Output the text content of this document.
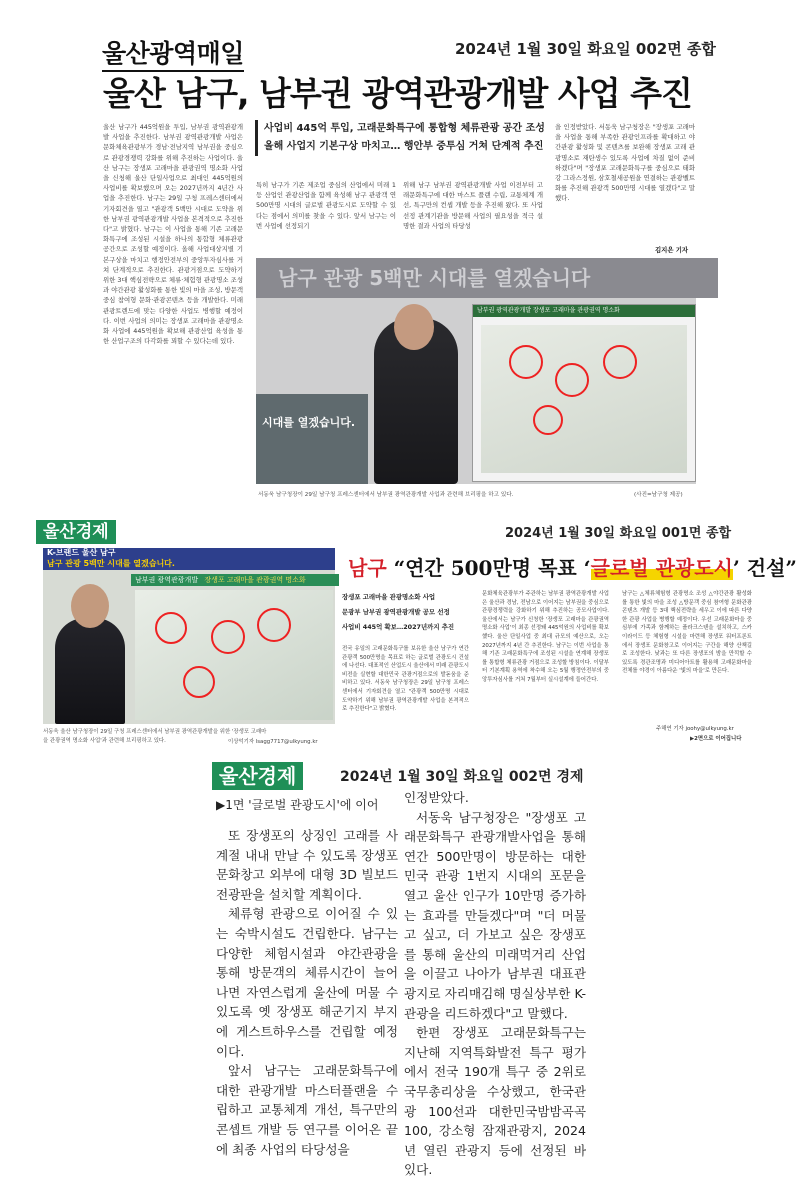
울산광역매일	2024년 1월 30일 화요일 002면 종합
울산 남구, 남부권 광역관광개발 사업 추진
울산 남구가 445억원을 투입, 남부권 광역관광개발 사업을 추진한다. 남부권 광역관광개발 사업은 문화체육관광부가 경남·전남지역 남부권을 중심으로 관광경쟁력 강화를 위해 추진하는 사업이다. 울산 남구는 장생포 고래마을 관광권역 명소화 사업을 신청해 울산 단일사업으로 최대인 445억원의 사업비를 확보했으며 오는 2027년까지 4년간 사업을 추진한다. 남구는 29일 구청 프레스센터에서 기자회견을 열고 "관광객 5백만 시대로 도약을 위한 남부권 광역관광개발 사업을 본격적으로 추진한다"고 밝혔다. 남구는 이 사업을 통해 기존 고래문화특구에 조성된 시설을 하나의 통합형 체류관광 공간으로 조성할 예정이다. 올해 사업대상지별 기본구상을 마치고 행정안전부의 중앙투자심사를 거쳐 단계적으로 추진한다. 관광거점으로 도약하기 위한 3대 핵심전략으로 체류·체험형 관광명소 조성과 야간관광 활성화를 통한 빛의 마을 조성, 방문객 중심 참여형 문화·관광콘텐츠 등을 개발한다. 미래 관광트렌드에 맞는 다양한 사업도 병행할 예정이다. 이번 사업의 의미는 장생포 고래마을 관광명소화 사업에 445억원을 확보해 관광산업 육성을 통한 산업구조의 다각화를 꾀할 수 있다는데 있다.
사업비 445억 투입, 고래문화특구에 통합형 체류관광 공간 조성
올해 사업지 기본구상 마치고… 행안부 중투심 거쳐 단계적 추진
특히 남구가 기존 제조업 중심의 산업에서 미래 1등 산업인 관광산업을 함께 육성해 남구 관광객 연 500만명 시대의 글로벌 관광도시로 도약할 수 있다는 점에서 의미를 찾을 수 있다. 앞서 남구는 이번 사업에 선정되기
위해 남구 남부권 광역관광개발 사업 이전부터 고래문화특구에 대한 마스트 플랜 수립, 교통체계 개선, 특구만의 컨셉 개발 등을 추진해 왔다. 또 사업 선정 관계기관을 방문해 사업의 필요성을 적극 설명한 결과 사업의 타당성
을 인정받았다. 서동욱 남구청장은 "장생포 고래마을 사업을 통해 부족한 관광인프라를 확대하고 야간관광 활성화 및 콘텐츠를 보완해 장생포 고래 관광명소로 재탄생수 있도록 사업에 차질 없이 준비하겠다"며 "장생포 고래문화특구를 중심으로 태화강 그라스정원, 삼호철새공원을 연결하는 관광벨트화를 추진해 관광객 500만명 시대를 열겠다"고 말했다.
김지은 기자
남구 관광 5백만 시대를 열겠습니다
남부권 광역관광개발 장생포 고래마을 관광권역 명소화
시대를 열겠습니다.
서동욱 남구청장이 29일 남구청 프레스센터에서 남부권 광역관광개발 사업과 관련해 브리핑을 하고 있다.	(사진=남구청 제공)
울산경제	2024년 1월 30일 화요일 001면 종합
K-브랜드 울산 남구
남구 관광 5백만 시대를 열겠습니다.
남부권 광역관광개발 장생포 고래마을 관광권역 명소화
서동욱 울산 남구청장이 29일 구청 프레스센터에서 남부권 광역관광개발을 위한 '장생포 고래마을 관광권역 명소화 사업'과 관련해 브리핑하고 있다.	이상억기자 lsagg7717@ulkyung.kr
남구 “연간 500만명 목표 ‘글로벌 관광도시’ 건설”
장생포 고래마을 관광명소화 사업
문광부 남부권 광역관광개발 공모 선정
사업비 445억 확보…2027년까지 추진
전국 유일의 고래문화특구를 보유한 울산 남구가 연간 관광객 500만명을 목표로 하는 글로벌 관광도시 건설에 나선다. 대표적인 산업도시 울산에서 미래 관광도시 비전을 실현할 대한민국 관광거점으로의 발돋움을 준비하고 있다. 서동욱 남구청장은 29일 남구청 프레스센터에서 기자회견을 열고 "관광객 500만명 시대로 도약하기 위해 남부권 광역관광개발 사업을 본격적으로 추진한다"고 밝혔다.
문화체육관광부가 주관하는 남부권 광역관광개발 사업은 울산과 경남, 전남으로 이어지는 남부권을 중심으로 관광경쟁력을 강화하기 위해 추진하는 공모사업이다. 울산에서는 남구가 신청한 '장생포 고래마을 관광권역 명소화 사업'이 최종 선정돼 445억원의 사업비를 확보했다. 울산 단일사업 중 최대 규모의 예산으로, 오는 2027년까지 4년 간 추진한다. 남구는 이번 사업을 통해 기존 고래문화특구에 조성된 시설을 연계해 장생포를 통합형 체류관광 거점으로 조성할 방침이다. 이달부터 기본계획 용역에 착수해 오는 5월 행정안전부의 중앙투자심사를 거쳐 7월부터 실시설계에 들어간다.
남구는 △체류체험형 관광명소 조성 △야간관광 활성화를 통한 빛의 마을 조성 △방문객 중심 참여형 문화관광콘텐츠 개발 등 3대 핵심전략을 세우고 이에 따른 다양한 관광 사업을 병행할 예정이다. 우선 고래문화마을 중심부에 가족과 함께하는 플라크스텐을 설치하고, 스카이라이드 등 체험형 시설을 마련해 장생포 워터프론트에서 장생포 문화창고로 이어지는 구간을 해양 산책길로 조성한다. 낮과는 또 다른 장생포의 밤을 만끽할 수 있도록 경관조명과 미디어아트를 활용해 고래문화마을 전체를 야경이 아름다운 '빛의 마을'로 만든다.
주해연 기자 joohy@ulkyung.kr
▶2면으로 이어집니다
울산경제	2024년 1월 30일 화요일 002면 경제
▶1면 '글로벌 관광도시'에 이어

또 장생포의 상징인 고래를 사계절 내내 만날 수 있도록 장생포 문화창고 외부에 대형 3D 빌보드 전광판을 설치할 계획이다.

체류형 관광으로 이어질 수 있는 숙박시설도 건립한다. 남구는 다양한 체험시설과 야간관광을 통해 방문객의 체류시간이 늘어나면 자연스럽게 울산에 머물 수 있도록 옛 장생포 해군기지 부지에 게스트하우스를 건립할 예정이다.

앞서 남구는 고래문화특구에 대한 관광개발 마스터플랜을 수립하고 교통체계 개선, 특구만의 콘셉트 개발 등 연구를 이어온 끝에 최종 사업의 타당성을

인정받았다.

서동욱 남구청장은 "장생포 고래문화특구 관광개발사업을 통해 연간 500만명이 방문하는 대한민국 관광 1번지 시대의 포문을 열고 울산 인구가 10만명 증가하는 효과를 만들겠다"며 "더 머물고 싶고, 더 가보고 싶은 장생포를 통해 울산의 미래먹거리 산업을 이끌고 나아가 남부권 대표관광지로 자리매김해 명실상부한 K-관광을 리드하겠다"고 말했다.

한편 장생포 고래문화특구는 지난해 지역특화발전 특구 평가에서 전국 190개 특구 중 2위로 국무총리상을 수상했고, 한국관광 100선과 대한민국밤밤곡곡 100, 강소형 잠재관광지, 2024년 열린 관광지 등에 선정된 바 있다.
